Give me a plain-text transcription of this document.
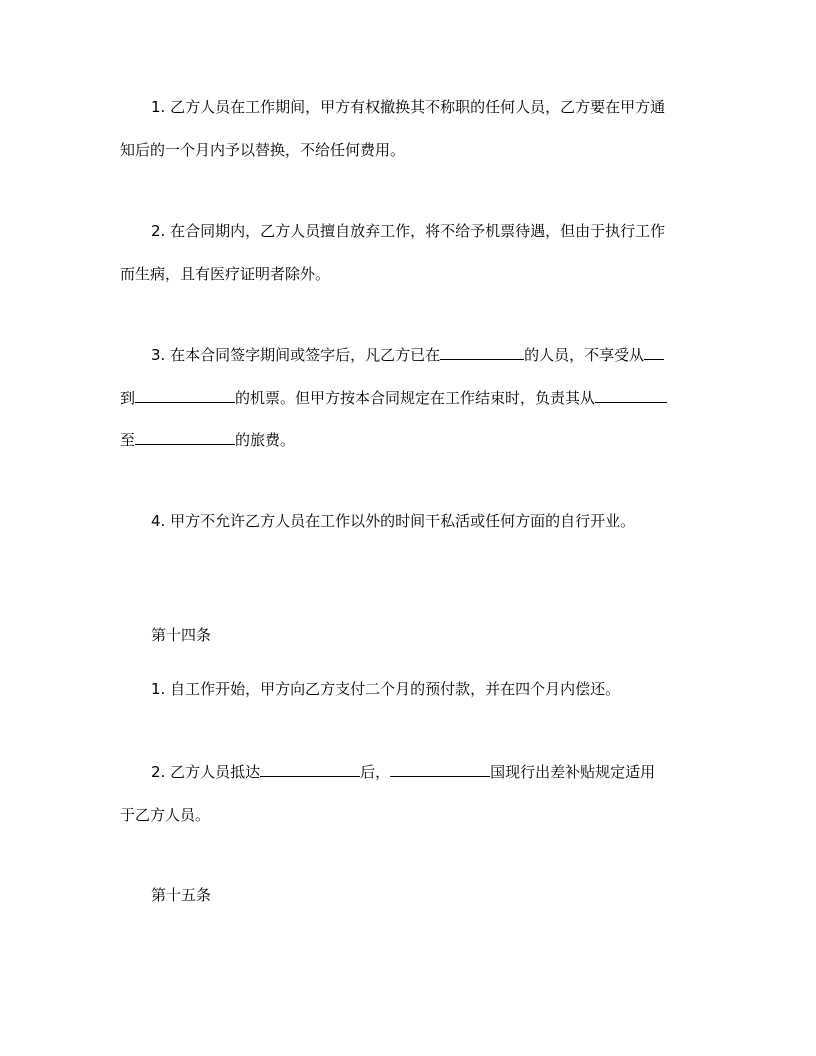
1. 乙方人员在工作期间，甲方有权撤换其不称职的任何人员，乙方要在甲方通
知后的一个月内予以替换，不给任何费用。
2. 在合同期内，乙方人员擅自放弃工作，将不给予机票待遇，但由于执行工作
而生病，且有医疗证明者除外。
3. 在本合同签字期间或签字后，凡乙方已在	的人员，不享受从
到	的机票。但甲方按本合同规定在工作结束时，负责其从
至	的旅费。
4. 甲方不允许乙方人员在工作以外的时间干私活或任何方面的自行开业。
第十四条
1. 自工作开始，甲方向乙方支付二个月的预付款，并在四个月内偿还。
2. 乙方人员抵达	后，	国现行出差补贴规定适用
于乙方人员。
第十五条
